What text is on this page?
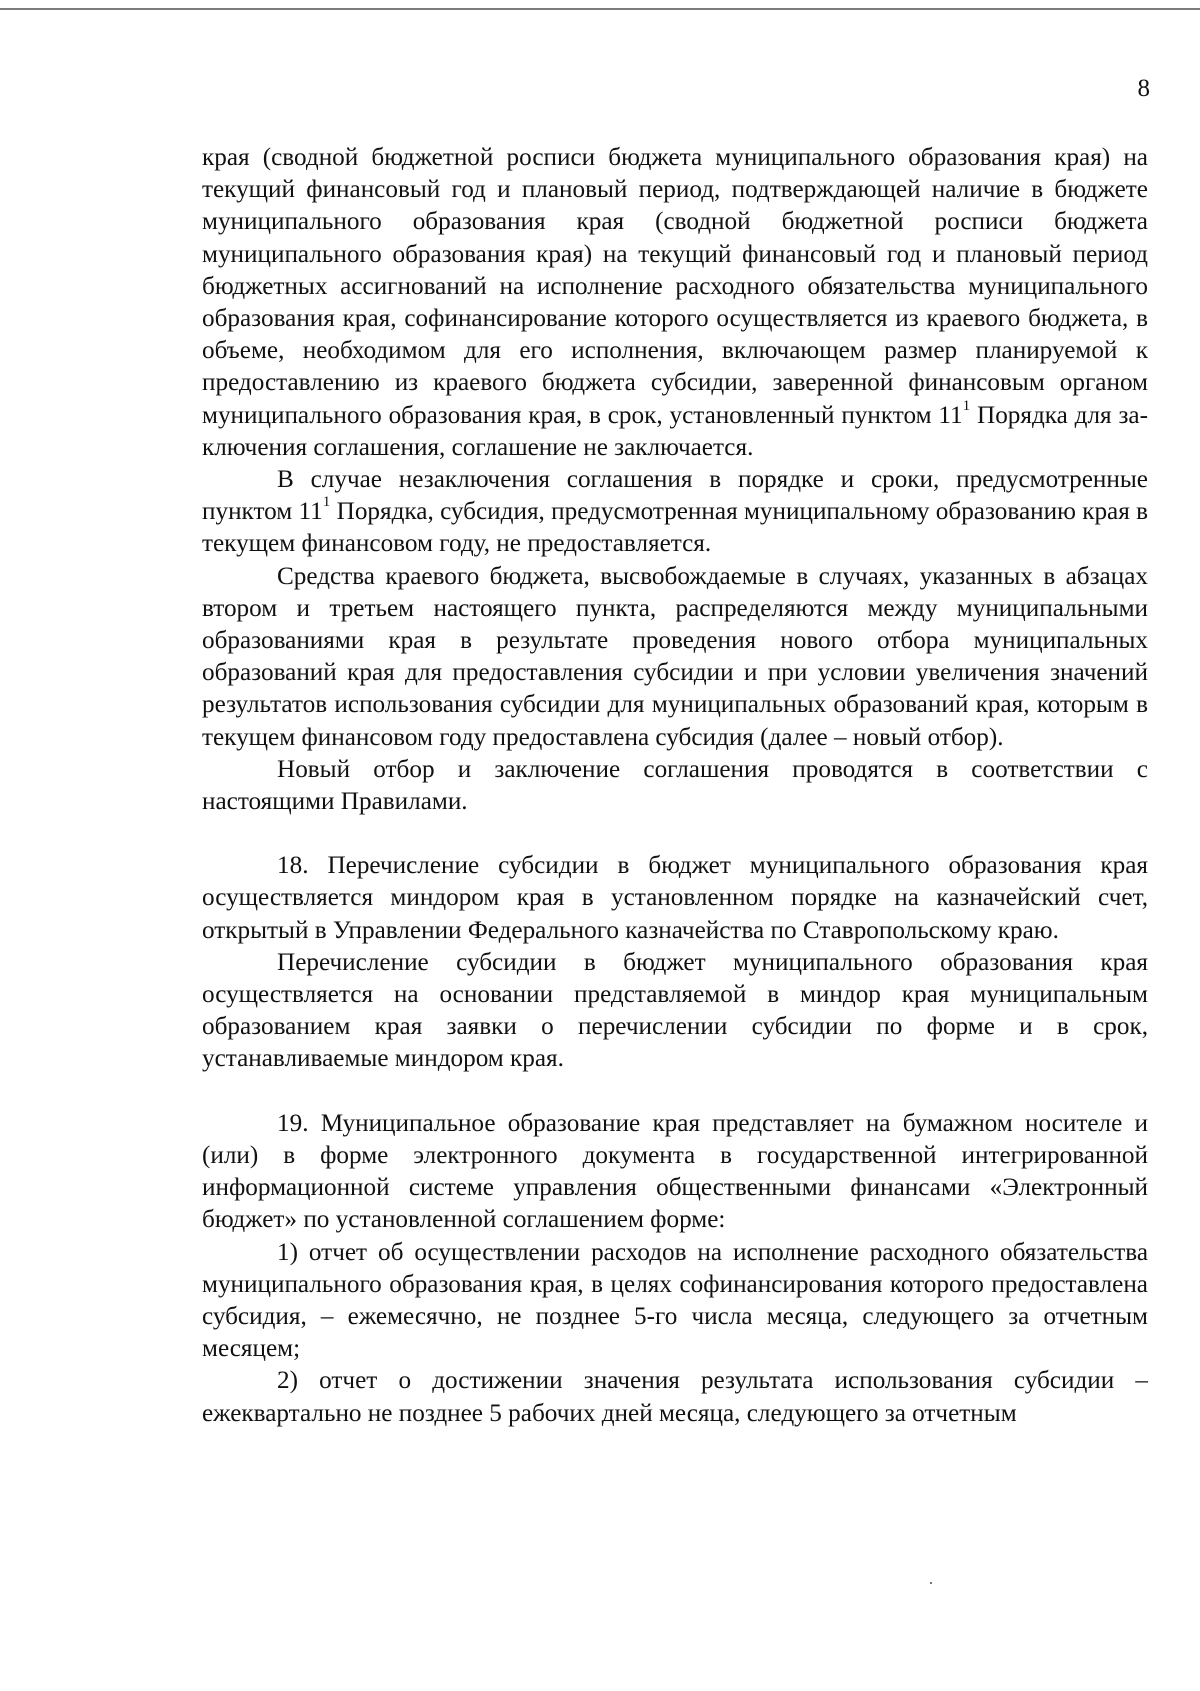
8

края (сводной бюджетной росписи бюджета муниципального образования края) на текущий финансовый год и плановый период, подтверждающей наличие в бюджете муниципального образования края (сводной бюджетной росписи бюджета муниципального образования края) на текущий финансовый год и плановый период бюджетных ассигнований на исполнение расходного обязательства муниципального образования края, софинансирование которого осуществляется из краевого бюджета, в объеме, необходимом для его исполнения, включающем размер планируемой к предоставлению из краевого бюджета субсидии, заверенной финансовым органом муниципального образования края, в срок, установленный пунктом $11^1$ Порядка для заключения соглашения, соглашение не заключается.

В случае незаключения соглашения в порядке и сроки, предусмотренные пунктом $11^1$ Порядка, субсидия, предусмотренная муниципальному образованию края в текущем финансовом году, не предоставляется.

Средства краевого бюджета, высвобождаемые в случаях, указанных в абзацах втором и третьем настоящего пункта, распределяются между муниципальными образованиями края в результате проведения нового отбора муниципальных образований края для предоставления субсидии и при условии увеличения значений результатов использования субсидии для муниципальных образований края, которым в текущем финансовом году предоставлена субсидия (далее – новый отбор).

Новый отбор и заключение соглашения проводятся в соответствии с настоящими Правилами.

18. Перечисление субсидии в бюджет муниципального образования края осуществляется миндором края в установленном порядке на казначейский счет, открытый в Управлении Федерального казначейства по Ставропольскому краю.

Перечисление субсидии в бюджет муниципального образования края осуществляется на основании представляемой в миндор края муниципальным образованием края заявки о перечислении субсидии по форме и в срок, устанавливаемые миндором края.

19. Муниципальное образование края представляет на бумажном носителе и (или) в форме электронного документа в государственной интегрированной информационной системе управления общественными финансами «Электронный бюджет» по установленной соглашением форме:

1) отчет об осуществлении расходов на исполнение расходного обязательства муниципального образования края, в целях софинансирования которого предоставлена субсидия, – ежемесячно, не позднее 5-го числа месяца, следующего за отчетным месяцем;

2) отчет о достижении значения результата использования субсидии – ежеквартально не позднее 5 рабочих дней месяца, следующего за отчетным
